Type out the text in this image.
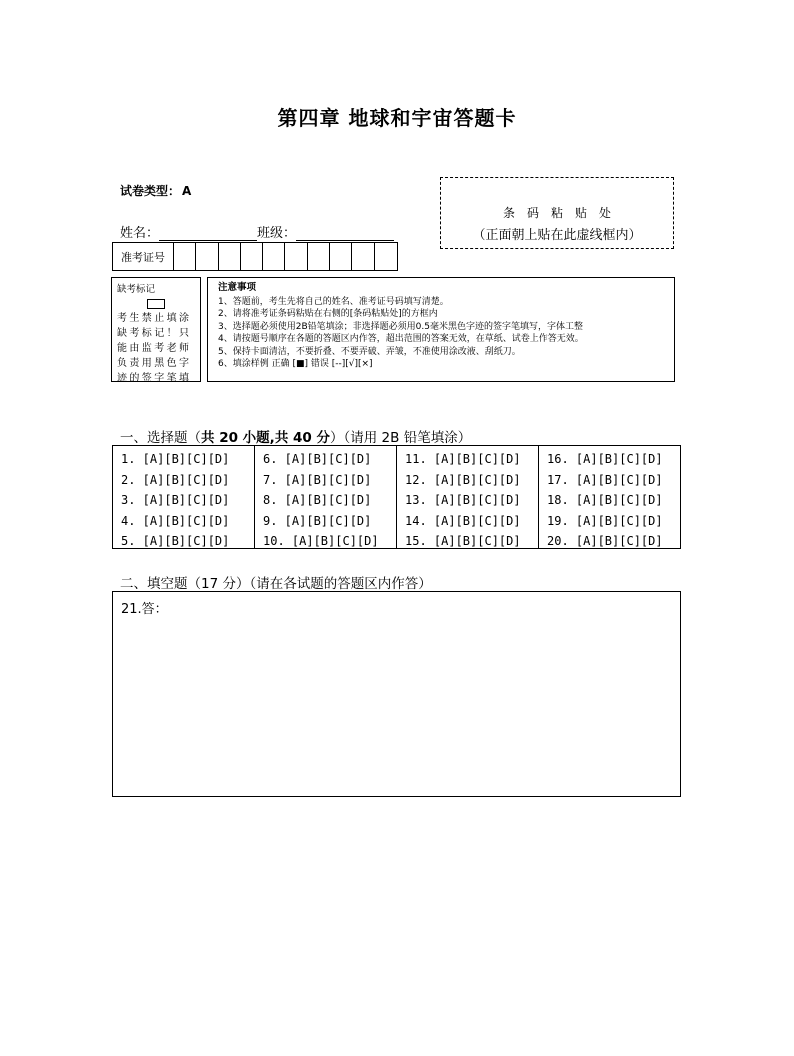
第四章 地球和宇宙答题卡
试卷类型： A
姓名：	班级：
条码粘贴处
（正面朝上贴在此虚线框内）
准考证号
缺考标记
考生禁止填涂缺考标记！只能由监考老师负责用黑色字迹的签字笔填
注意事项
1、答题前，考生先将自己的姓名、准考证号码填写清楚。
2、请将准考证条码粘贴在右侧的[条码粘贴处]的方框内
3、选择题必须使用2B铅笔填涂；非选择题必须用0.5毫米黑色字迹的签字笔填写，字体工整
4、请按题号顺序在各题的答题区内作答，超出范围的答案无效，在草纸、试卷上作答无效。
5、保持卡面清洁，不要折叠、不要弄破、弄皱，不准使用涂改液、刮纸刀。
6、填涂样例 正确 [■] 错误 [--][√][×]
一、选择题（共 20 小题,共 40 分）（请用 2B 铅笔填涂）
1. [A][B][C][D]
2. [A][B][C][D]
3. [A][B][C][D]
4. [A][B][C][D]
5. [A][B][C][D]
6. [A][B][C][D]
7. [A][B][C][D]
8. [A][B][C][D]
9. [A][B][C][D]
10. [A][B][C][D]
11. [A][B][C][D]
12. [A][B][C][D]
13. [A][B][C][D]
14. [A][B][C][D]
15. [A][B][C][D]
16. [A][B][C][D]
17. [A][B][C][D]
18. [A][B][C][D]
19. [A][B][C][D]
20. [A][B][C][D]
二、填空题（17 分）（请在各试题的答题区内作答）
21.答：
